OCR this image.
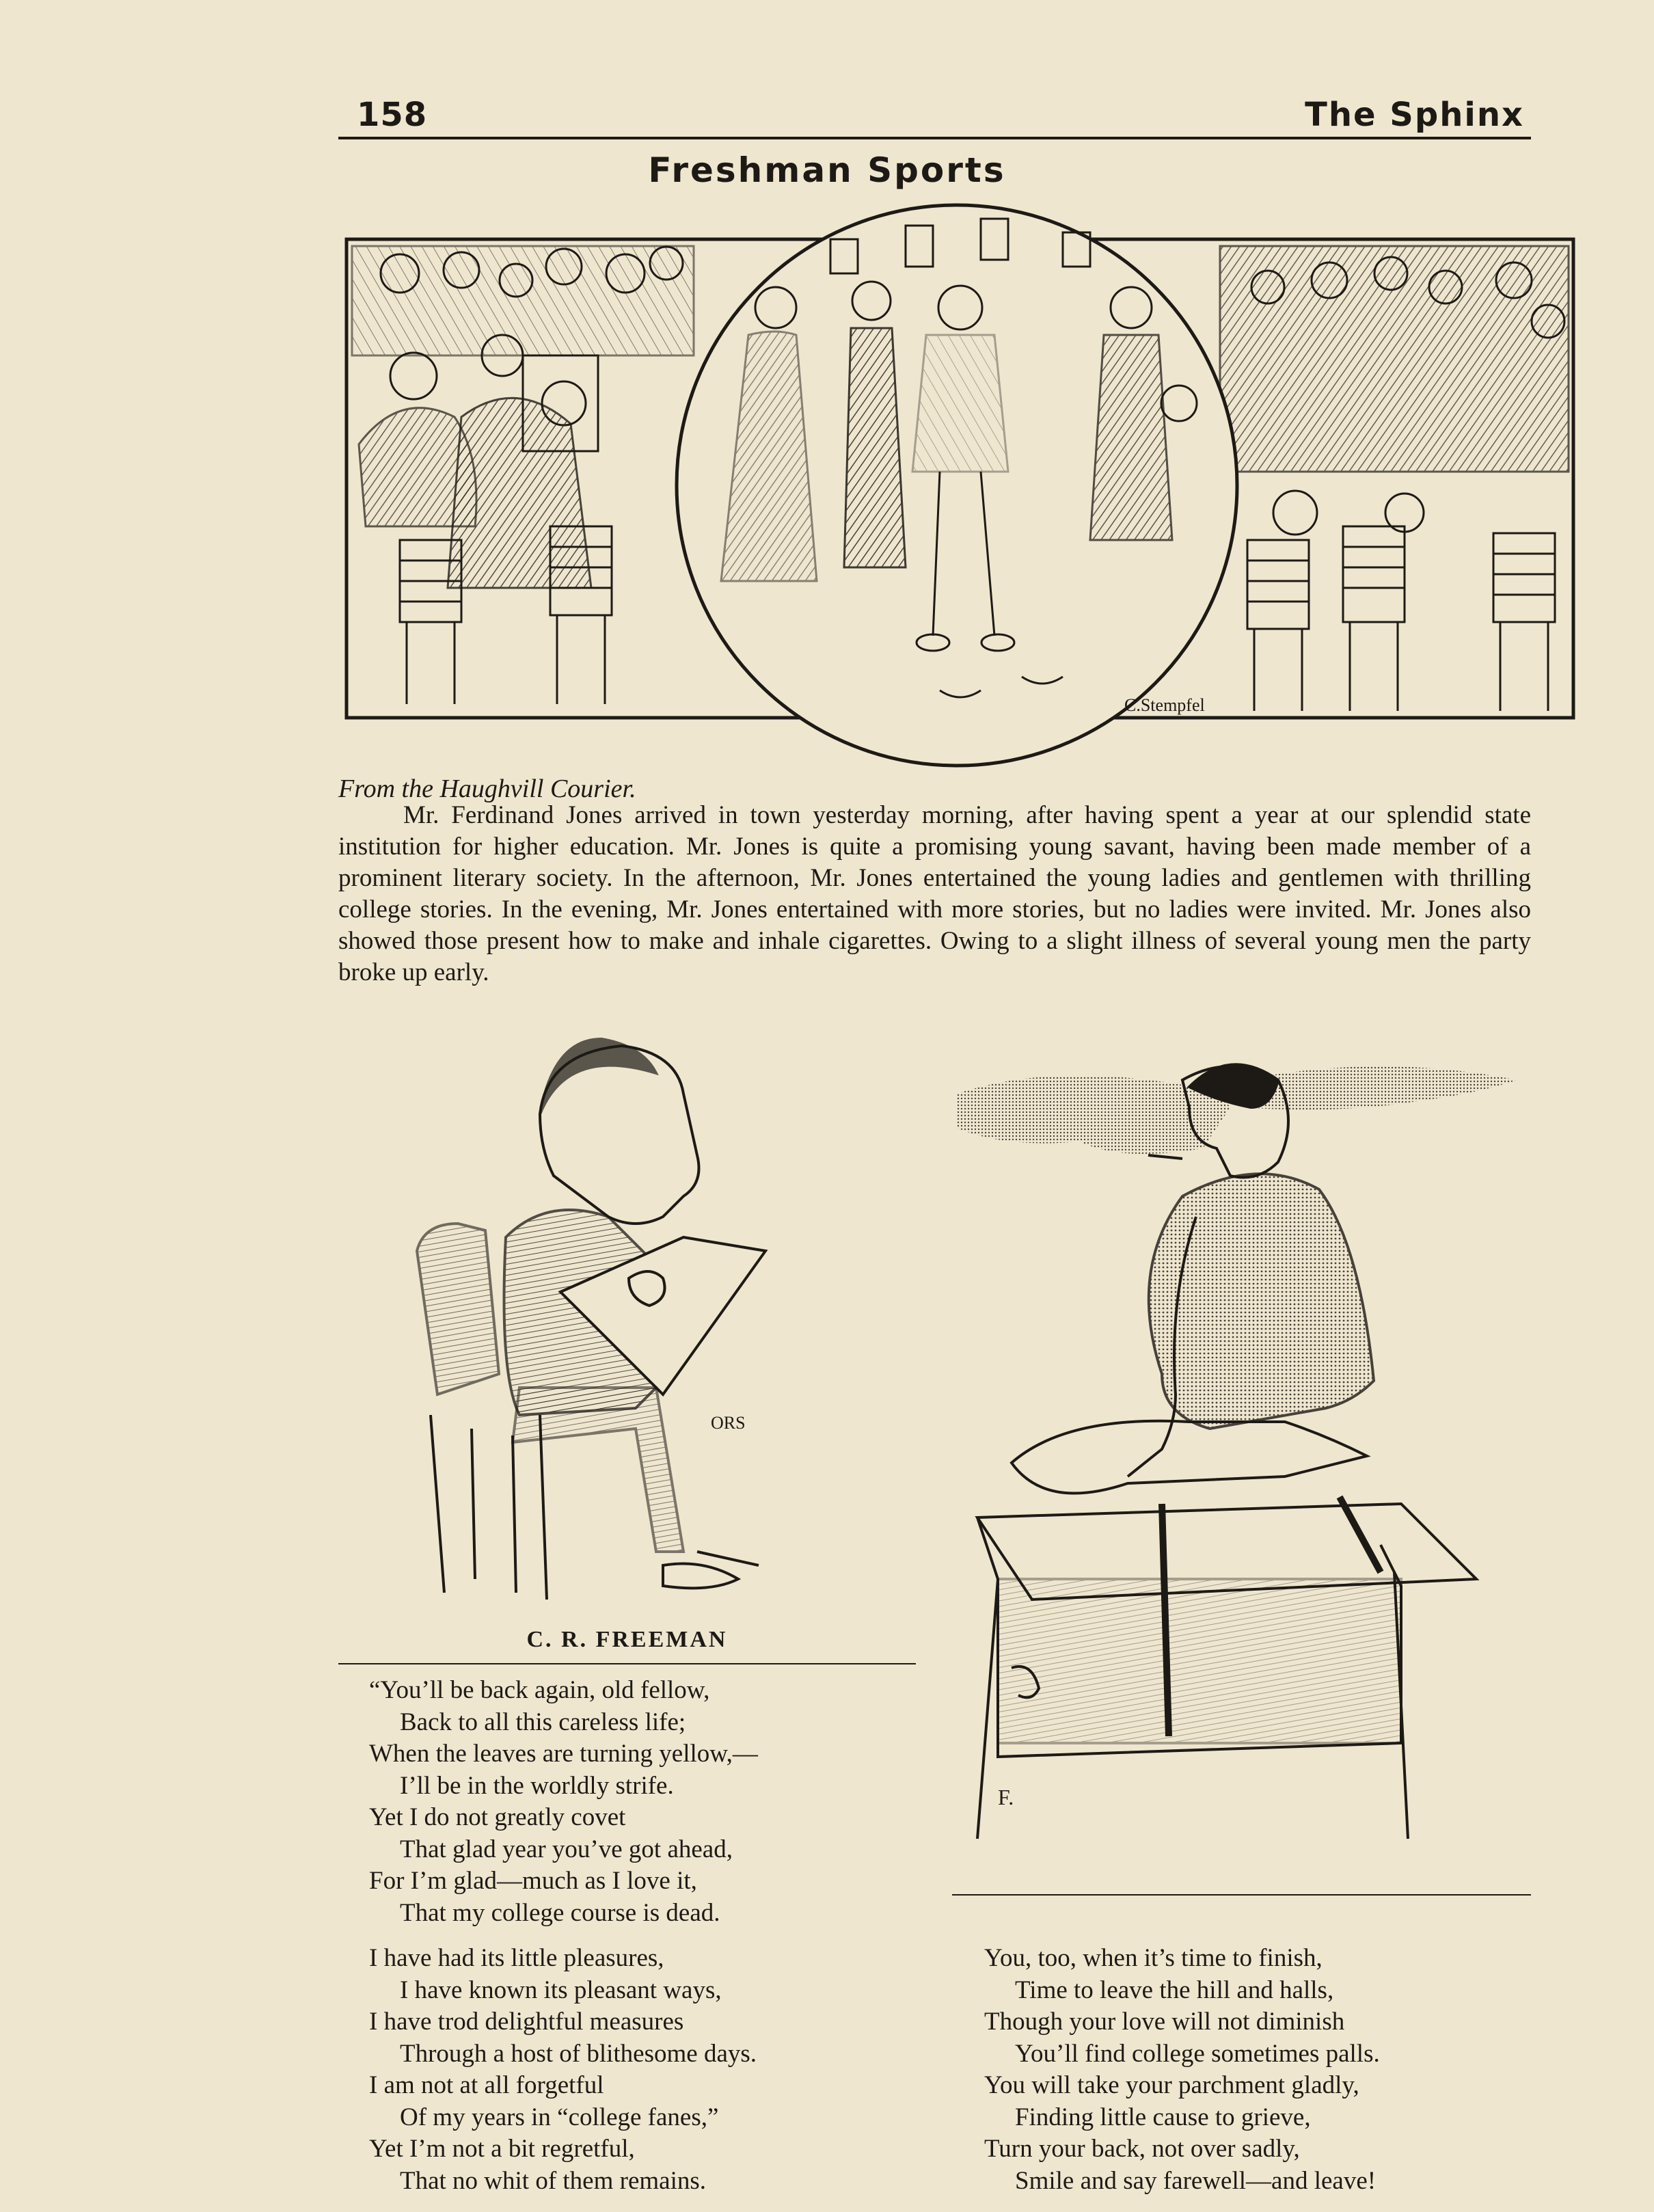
158	The Sphinx
Freshman Sports
C.Stempfel
From the Haughvill Courier.

Mr. Ferdinand Jones arrived in town yesterday morning, after having spent a year at our splendid state institution for higher education. Mr. Jones is quite a promising young savant, having been made member of a prominent literary society. In the afternoon, Mr. Jones entertained the young ladies and gentlemen with thrilling college stories. In the evening, Mr. Jones entertained with more stories, but no ladies were invited. Mr. Jones also showed those present how to make and inhale cigarettes. Owing to a slight illness of several young men the party broke up early.

ORS
C. R. FREEMAN
F.
“You’ll be back again, old fellow,
Back to all this careless life;
When the leaves are turning yellow,—
I’ll be in the worldly strife.
Yet I do not greatly covet
That glad year you’ve got ahead,
For I’m glad—much as I love it,
That my college course is dead.
I have had its little pleasures,
I have known its pleasant ways,
I have trod delightful measures
Through a host of blithesome days.
I am not at all forgetful
Of my years in “college fanes,”
Yet I’m not a bit regretful,
That no whit of them remains.
You, too, when it’s time to finish,
Time to leave the hill and halls,
Though your love will not diminish
You’ll find college sometimes palls.
You will take your parchment gladly,
Finding little cause to grieve,
Turn your back, not over sadly,
Smile and say farewell—and leave!
